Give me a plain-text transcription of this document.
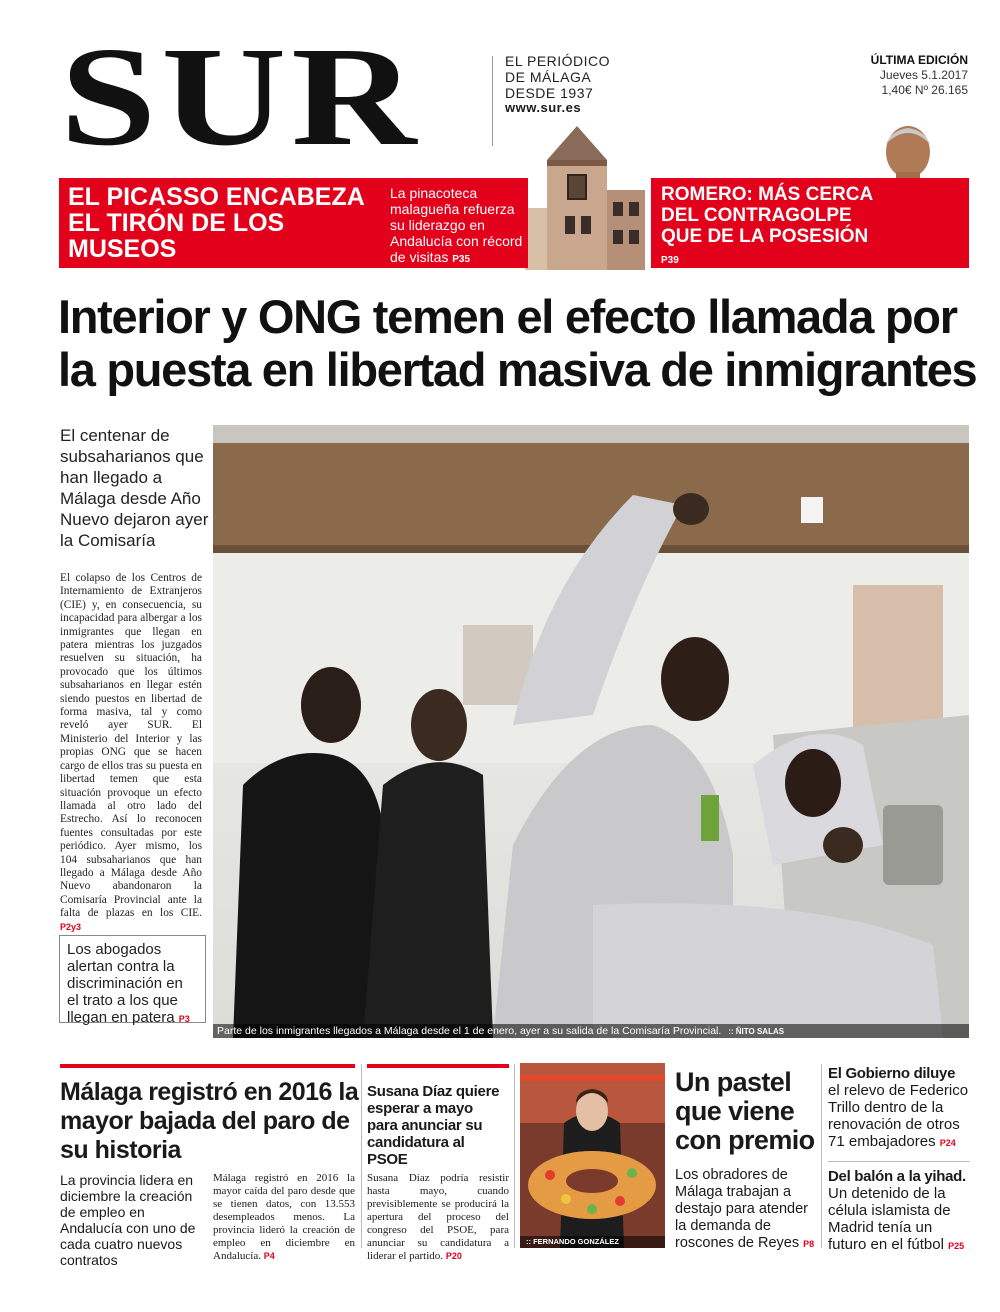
SUR	EL PERIÓDICO
DE MÁLAGA
DESDE 1937
www.sur.es
ÚLTIMA EDICIÓN
Jueves 5.1.2017
1,40€ Nº 26.165
EL PICASSO ENCABEZA EL TIRÓN DE LOS MUSEOS

La pinacoteca malagueña refuerza su liderazgo en Andalucía con récord de visitas P35

ROMERO: MÁS CERCA DEL CONTRAGOLPE QUE DE LA POSESIÓN P39
Interior y ONG temen el efecto llamada por la puesta en libertad masiva de inmigrantes
El centenar de subsaharianos que han llegado a Málaga desde Año Nuevo dejaron ayer la Comisaría
El colapso de los Centros de Internamiento de Extranjeros (CIE) y, en consecuencia, su incapacidad para albergar a los inmigrantes que llegan en patera mientras los juzgados resuelven su situación, ha provocado que los últimos subsaharianos en llegar estén siendo puestos en libertad de forma masiva, tal y como reveló ayer SUR. El Ministerio del Interior y las propias ONG que se hacen cargo de ellos tras su puesta en libertad temen que esta situación provoque un efecto llamada al otro lado del Estrecho. Así lo reconocen fuentes consultadas por este periódico. Ayer mismo, los 104 subsaharianos que han llegado a Málaga desde Año Nuevo abandonaron la Comisaría Provincial ante la falta de plazas en los CIE. P2y3
Los abogados alertan contra la discriminación en el trato a los que llegan en patera P3
Parte de los inmigrantes llegados a Málaga desde el 1 de enero, ayer a su salida de la Comisaría Provincial. :: ÑITO SALAS
Málaga registró en 2016 la mayor bajada del paro de su historia
La provincia lidera en diciembre la creación de empleo en Andalucía con uno de cada cuatro nuevos contratos
Málaga registró en 2016 la mayor caída del paro desde que se tienen datos, con 13.553 desempleados menos. La provincia lideró la creación de empleo en diciembre en Andalucía. P4
Susana Díaz quiere esperar a mayo para anunciar su candidatura al PSOE
Susana Díaz podría resistir hasta mayo, cuando previsiblemente se producirá la apertura del proceso del congreso del PSOE, para anunciar su candidatura a liderar el partido. P20
:: FERNANDO GONZÁLEZ
Un pastel que viene con premio
Los obradores de Málaga trabajan a destajo para atender la demanda de roscones de Reyes P8
El Gobierno diluye el relevo de Federico Trillo dentro de la renovación de otros 71 embajadores P24
Del balón a la yihad. Un detenido de la célula islamista de Madrid tenía un futuro en el fútbol P25
